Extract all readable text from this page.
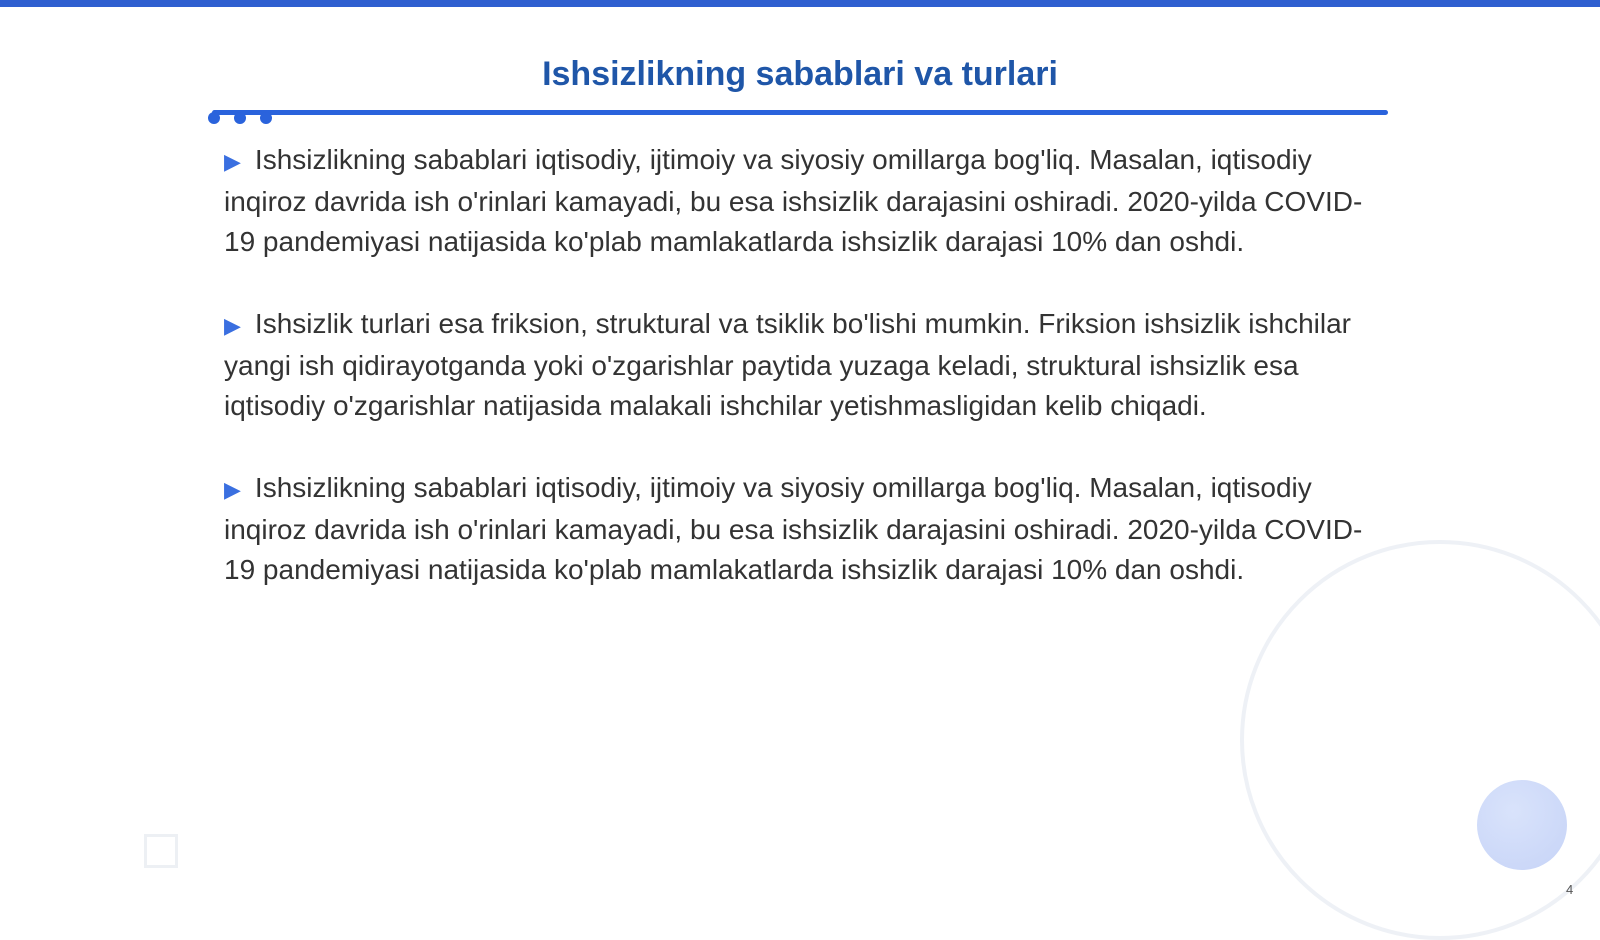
Ishsizlikning sabablari va turlari

▶ Ishsizlikning sabablari iqtisodiy, ijtimoiy va siyosiy omillarga bog'liq. Masalan, iqtisodiy inqiroz davrida ish o'rinlari kamayadi, bu esa ishsizlik darajasini oshiradi. 2020-yilda COVID-19 pandemiyasi natijasida ko'plab mamlakatlarda ishsizlik darajasi 10% dan oshdi.

▶ Ishsizlik turlari esa friksion, struktural va tsiklik bo'lishi mumkin. Friksion ishsizlik ishchilar yangi ish qidirayotganda yoki o'zgarishlar paytida yuzaga keladi, struktural ishsizlik esa iqtisodiy o'zgarishlar natijasida malakali ishchilar yetishmasligidan kelib chiqadi.

▶ Ishsizlikning sabablari iqtisodiy, ijtimoiy va siyosiy omillarga bog'liq. Masalan, iqtisodiy inqiroz davrida ish o'rinlari kamayadi, bu esa ishsizlik darajasini oshiradi. 2020-yilda COVID-19 pandemiyasi natijasida ko'plab mamlakatlarda ishsizlik darajasi 10% dan oshdi.

4
